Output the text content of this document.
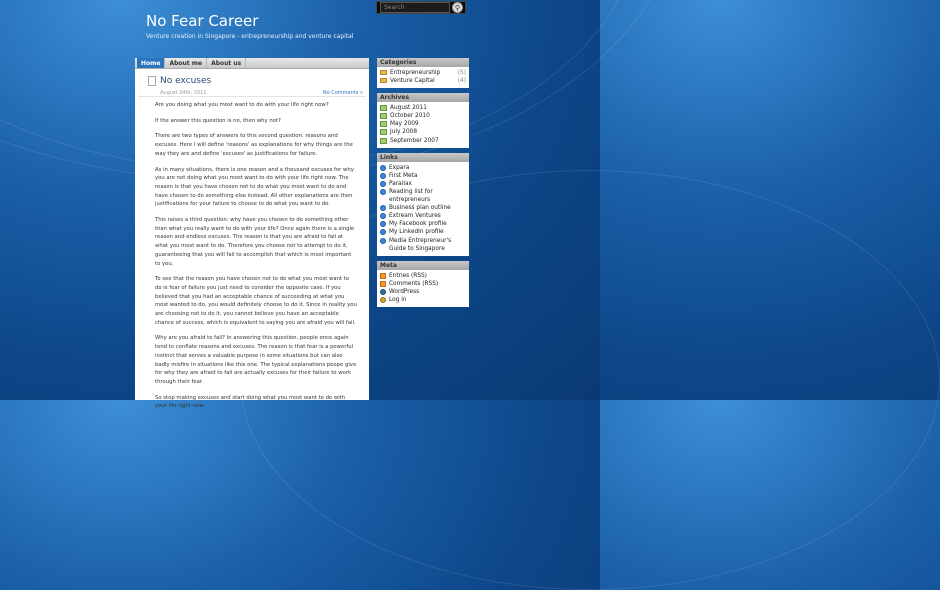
Search
⚲
No Fear Career
Venture creation in Singapore - entrepreneurship and venture capital
Home	About me	About us
No excuses
August 24th, 2011	No Comments »

Are you doing what you most want to do with your life right now?

If the answer this question is no, then why not?

There are two types of answers to this second question: reasons and excuses. Here I will define 'reasons' as explanations for why things are the way they are and define 'excuses' as justifications for failure.

As in many situations, there is one reason and a thousand excuses for why you are not doing what you most want to do with your life right now. The reason is that you have chosen not to do what you most want to do and have chosen to do something else instead. All other explanations are then justifications for your failure to choose to do what you want to do.

This raises a third question: why have you chosen to do something other than what you really want to do with your life? Once again there is a single reason and endless excuses. The reason is that you are afraid to fail at what you most want to do. Therefore you choose not to attempt to do it, guaranteeing that you will fail to accomplish that which is most important to you.

To see that the reason you have chosen not to do what you most want to do is fear of failure you just need to consider the opposite case. If you believed that you had an acceptable chance of succeeding at what you most wanted to do, you would definitely choose to do it. Since in reality you are choosing not to do it, you cannot believe you have an acceptable chance of success, which is equivalent to saying you are afraid you will fail.

Why are you afraid to fail? In answering this question, people once again tend to conflate reasons and excuses. The reason is that fear is a powerful instinct that serves a valuable purpose in some situations but can also badly misfire in situations like this one. The typical explanations peope give for why they are afraid to fail are actually excuses for their failure to work through their fear.

So stop making excuses and start doing what you most want to do with your life right now.

Categories
Entrepreneurship	(5)
Venture Capital	(4)
Archives
August 2011
October 2010
May 2009
July 2008
September 2007
Links
Expara
First Meta
Parallax
Reading list for entrepreneurs
Business plan outline
Extream Ventures
My Facebook profile
My LinkedIn profile
Media Entrepreneur's Guide to Singapore
Meta
Entries (RSS)
Comments (RSS)
WordPress
Log in
